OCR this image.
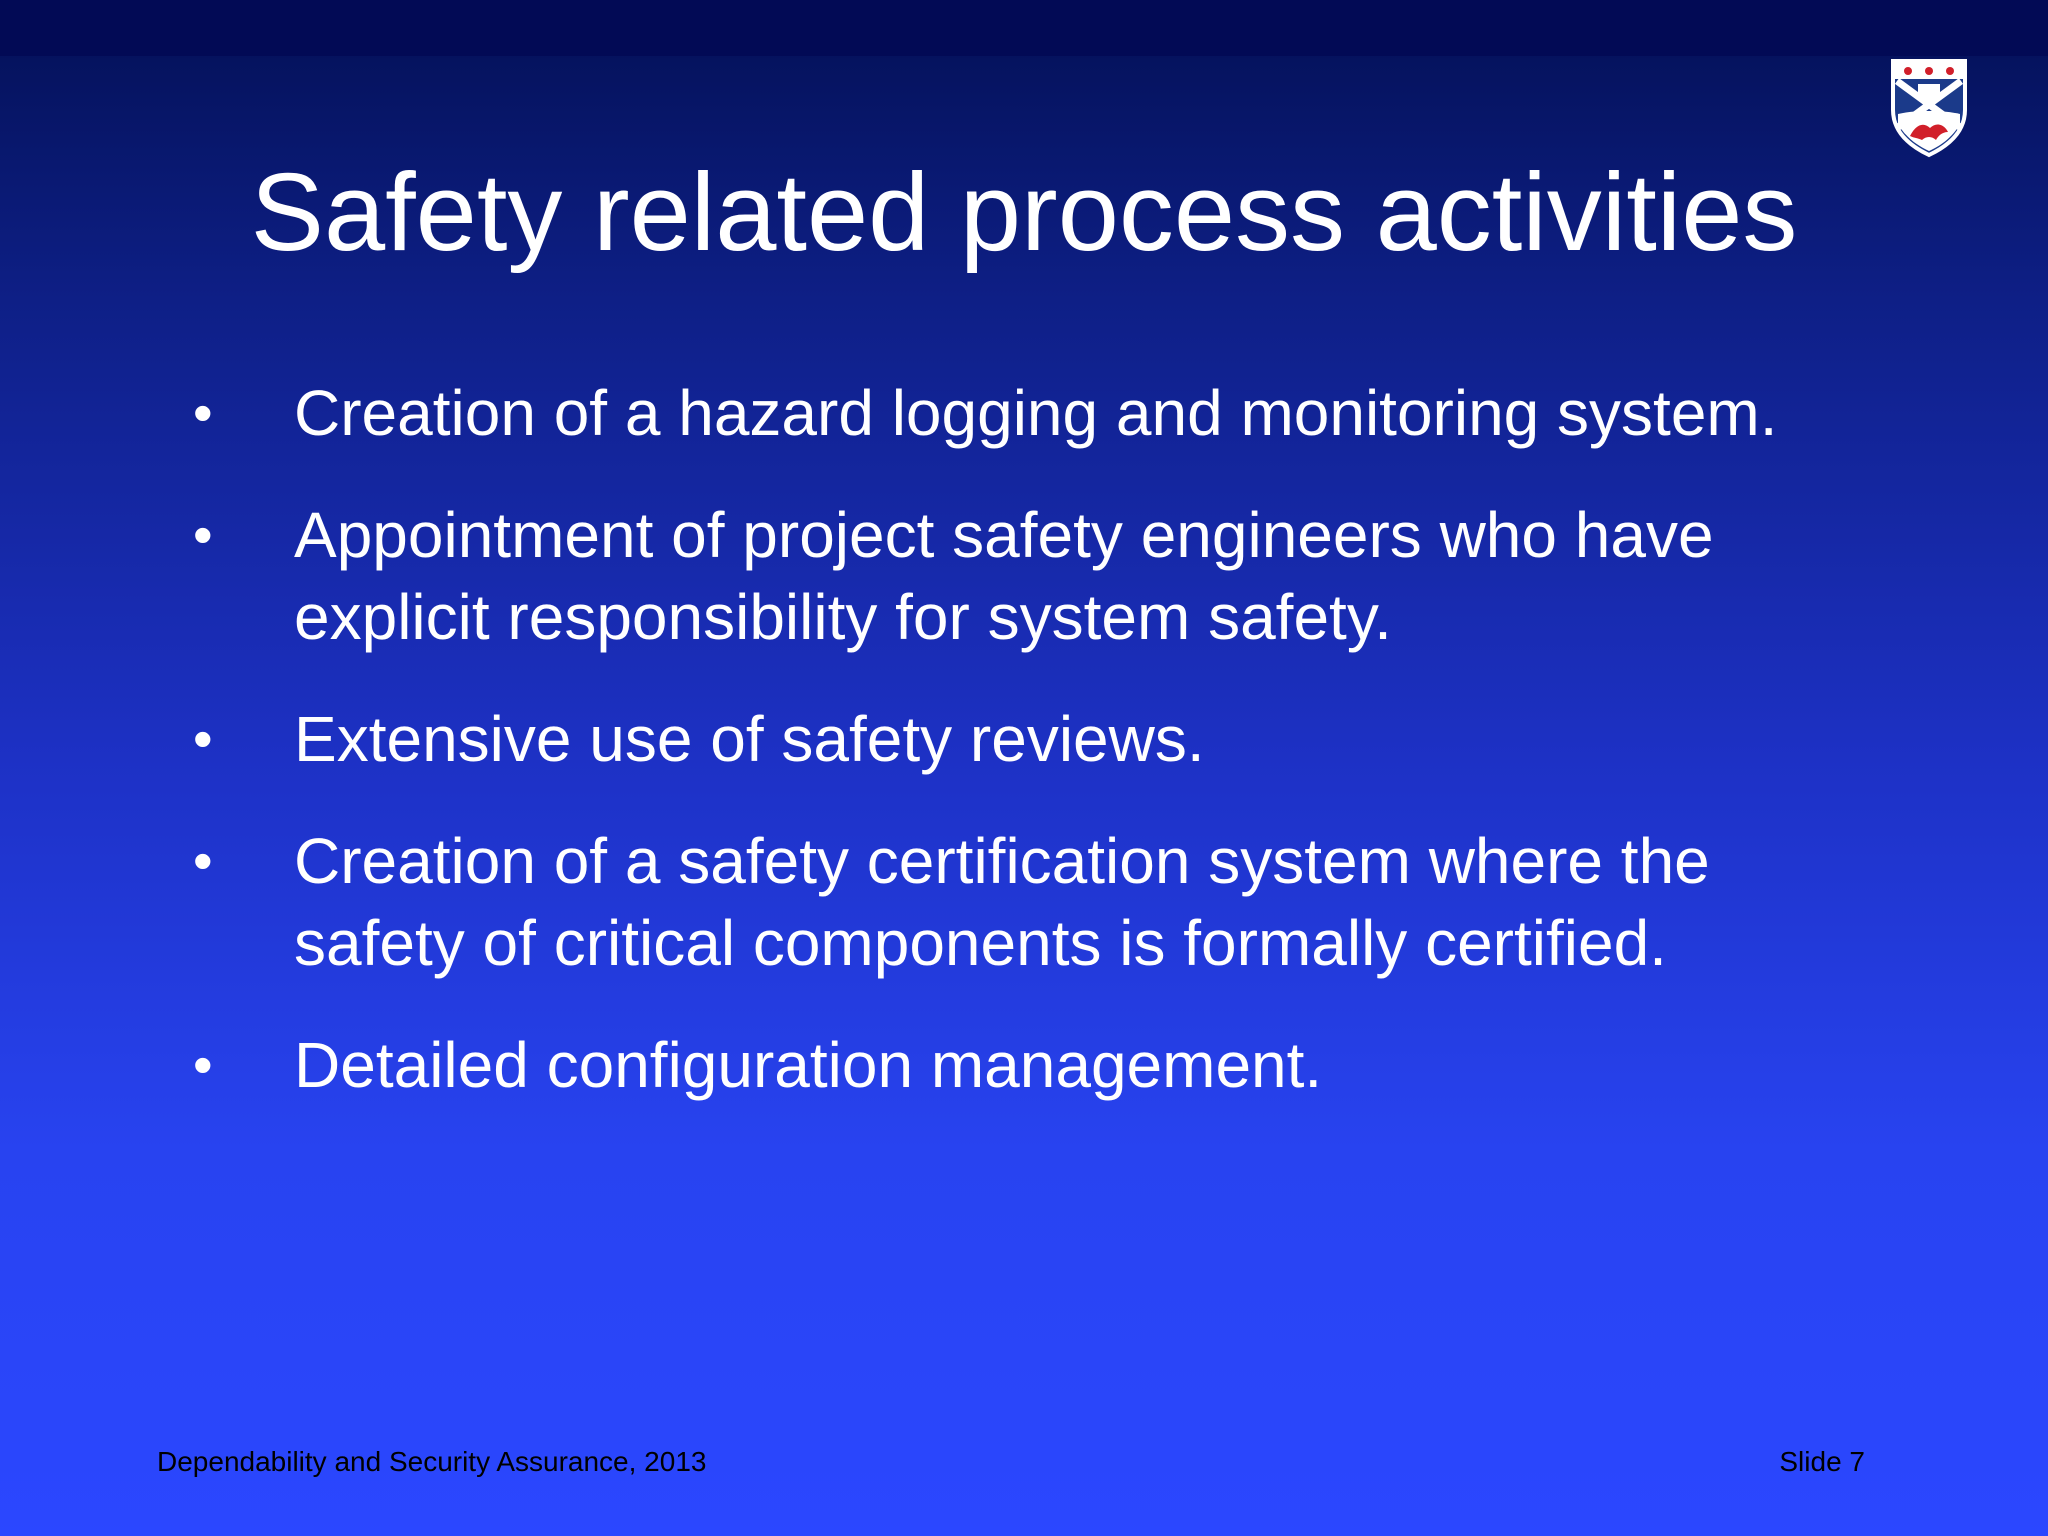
Safety related process activities
• Creation of a hazard logging and monitoring system.
• Appointment of project safety engineers who have explicit responsibility for system safety.
• Extensive use of safety reviews.
• Creation of a safety certification system where the safety of critical components is formally certified.
• Detailed configuration management.
Dependability and Security Assurance, 2013	Slide 7
